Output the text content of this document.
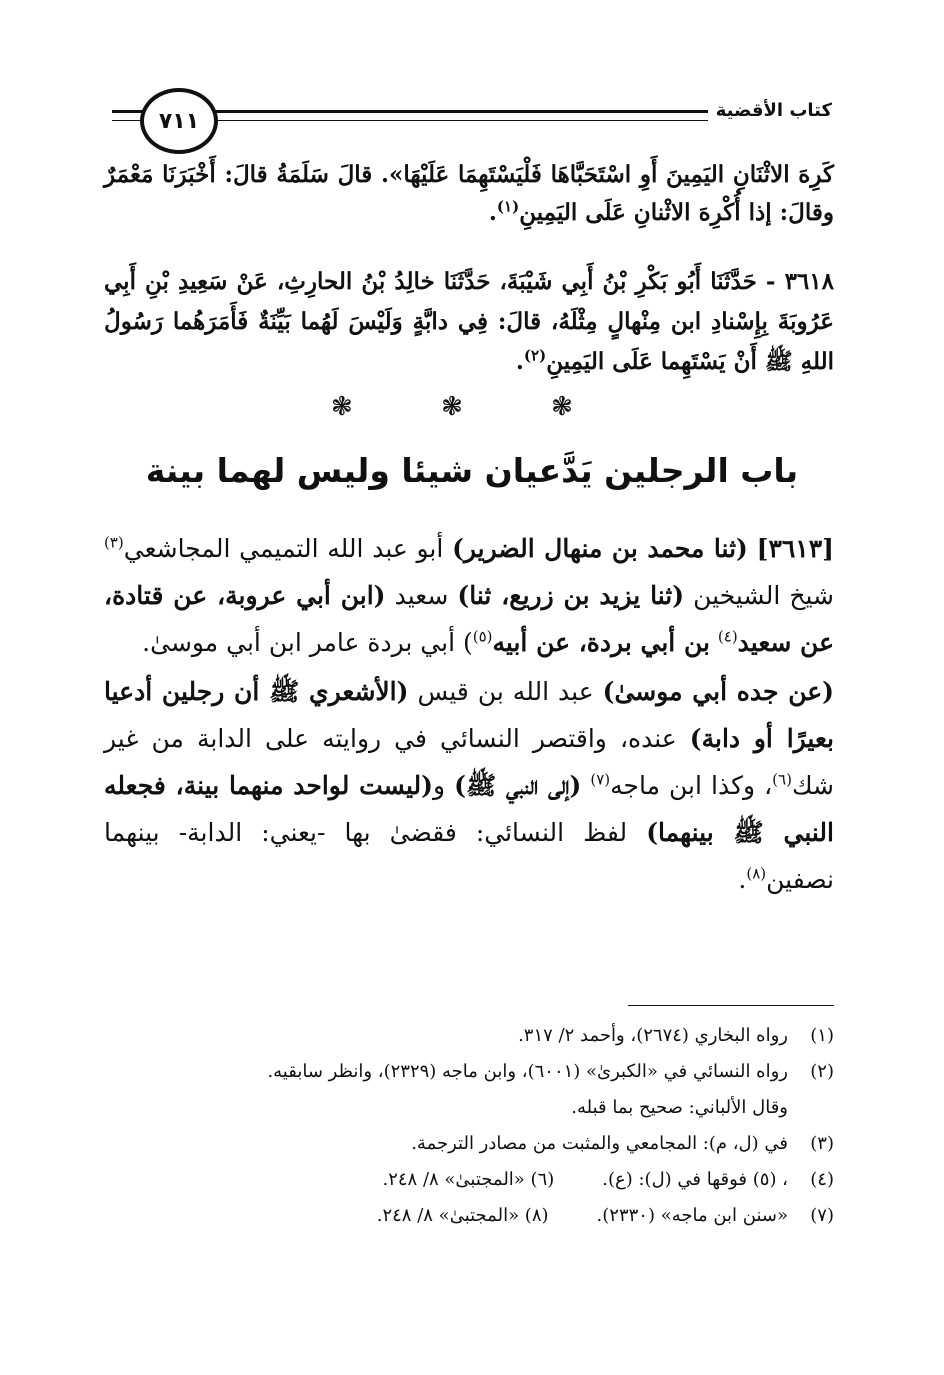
كتاب الأقضية
٧١١

كَرِهَ الاثْنَانِ اليَمِينَ أَوِ اسْتَحَبَّاهَا فَلْيَسْتَهِمَا عَلَيْهَا». قالَ سَلَمَةُ قالَ: أَخْبَرَنَا مَعْمَرٌ وقالَ: إذا أُكْرِهَ الاثْنانِ عَلَى اليَمِينِ$^{(١)}$.

٣٦١٨ - حَدَّثَنَا أَبُو بَكْرِ بْنُ أَبِي شَيْبَةَ، حَدَّثَنَا خالِدُ بْنُ الحارِثِ، عَنْ سَعِيدِ بْنِ أَبِي عَرُوبَةَ بِإِسْنادِ ابن مِنْهالٍ مِثْلَهُ، قالَ: فِي دابَّةٍ وَلَيْسَ لَهُما بَيِّنَةٌ فَأَمَرَهُما رَسُولُ اللهِ ﷺ أَنْ يَسْتَهِما عَلَى اليَمِينِ$^{(٢)}$.

❃ ❃ ❃
باب الرجلين يَدَّعيان شيئا وليس لهما بينة

[٣٦١٣] (ثنا محمد بن منهال الضرير) أبو عبد الله التميمي المجاشعي$^{(٣)}$ شيخ الشيخين (ثنا يزيد بن زريع، ثنا) سعيد (ابن أبي عروبة، عن قتادة، عن سعيد$^{(٤)}$ بن أبي بردة، عن أبيه$^{(٥)}$) أبي بردة عامر ابن أبي موسىٰ.

(عن جده أبي موسىٰ) عبد الله بن قيس (الأشعري ﷺ أن رجلين أدعيا بعيرًا أو دابة) عنده، واقتصر النسائي في روايته على الدابة من غير شك$^{(٦)}$، وكذا ابن ماجه$^{(٧)}$ (إلى النبي ﷺ) و(ليست لواحد منهما بينة، فجعله النبي ﷺ بينهما) لفظ النسائي: فقضىٰ بها -يعني: الدابة- بينهما نصفين$^{(٨)}$.

(١)
رواه البخاري (٢٦٧٤)، وأحمد ٢/ ٣١٧.
(٢)
رواه النسائي في «الكبرىٰ» (٦٠٠١)، وابن ماجه (٢٣٢٩)، وانظر سابقيه.
وقال الألباني: صحيح بما قبله.
(٣)
في (ل، م): المجامعي والمثبت من مصادر الترجمة.
(٤)
، (٥) فوقها في (ل): (ع).(٦) «المجتبىٰ» ٨/ ٢٤٨.
(٧)
«سنن ابن ماجه» (٢٣٣٠).(٨) «المجتبىٰ» ٨/ ٢٤٨.
